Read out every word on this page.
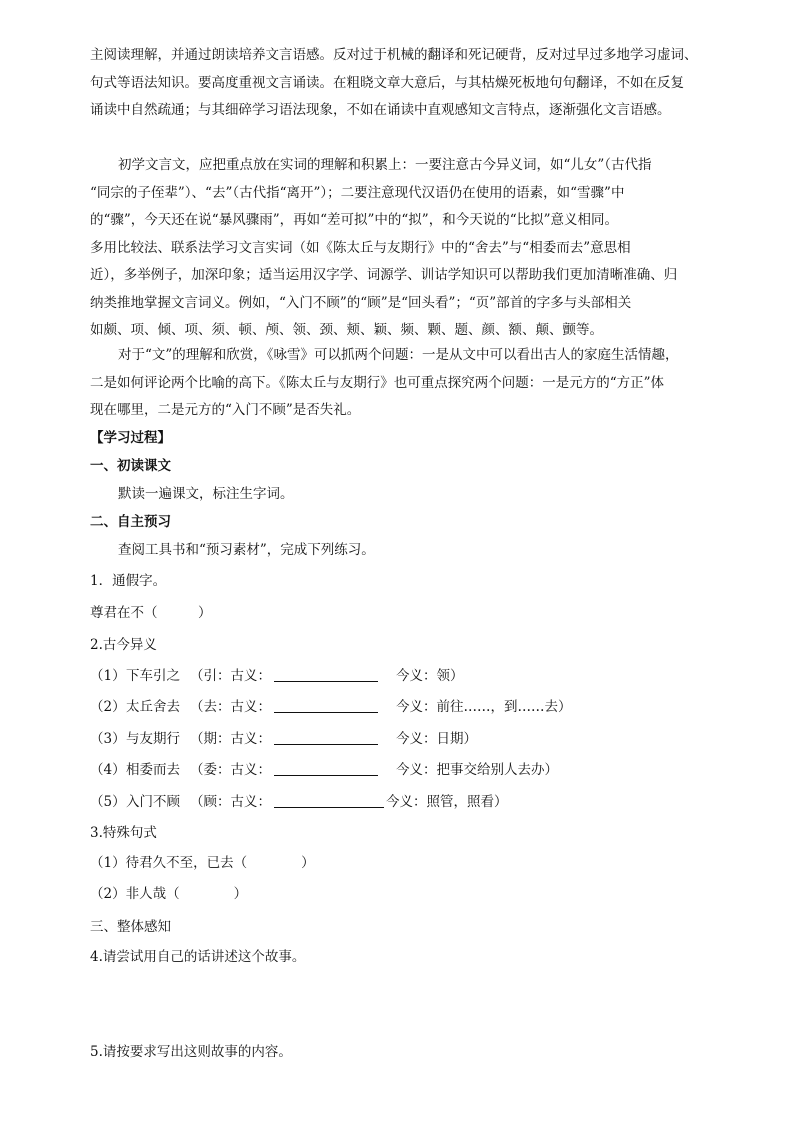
主阅读理解，并通过朗读培养文言语感。反对过于机械的翻译和死记硬背，反对过早过多地学习虚词、
句式等语法知识。要高度重视文言诵读。在粗晓文章大意后，与其枯燥死板地句句翻译，不如在反复
诵读中自然疏通；与其细碎学习语法现象，不如在诵读中直观感知文言特点，逐渐强化文言语感。
初学文言文，应把重点放在实词的理解和积累上：一要注意古今异义词，如“儿女”（古代指
“同宗的子侄辈”）、“去”（古代指“离开”）；二要注意现代汉语仍在使用的语素，如“雪骤”中
的“骤”，今天还在说“暴风骤雨”，再如“差可拟”中的“拟”，和今天说的“比拟”意义相同。
多用比较法、联系法学习文言实词（如《陈太丘与友期行》中的“舍去”与“相委而去”意思相
近），多举例子，加深印象；适当运用汉字学、词源学、训诂学知识可以帮助我们更加清晰准确、归
纳类推地掌握文言词义。例如，“入门不顾”的“顾”是“回头看”；“页”部首的字多与头部相关
如颇、项、倾、项、须、顿、颅、领、颈、颊、颖、频、颗、题、颜、额、颠、颤等。
对于“文”的理解和欣赏，《咏雪》可以抓两个问题：一是从文中可以看出古人的家庭生活情趣，
二是如何评论两个比喻的高下。《陈太丘与友期行》也可重点探究两个问题：一是元方的“方正”体
现在哪里，二是元方的“入门不顾”是否失礼。
【学习过程】
一、初读课文
默读一遍课文，标注生字词。
二、自主预习
查阅工具书和“预习素材”，完成下列练习。
1．通假字。
尊君在不（　　　）
2.古今异义
（1）下车引之 （引：古义：	今义：领）
（2）太丘舍去 （去：古义：	今义：前往……，到……去）
（3）与友期行 （期：古义：	今义：日期）
（4）相委而去 （委：古义：	今义：把事交给别人去办）
（5）入门不顾 （顾：古义：	今义：照管，照看）
3.特殊句式
（1）待君久不至，已去（　　　　）
（2）非人哉（　　　　）
三、整体感知
4.请尝试用自己的话讲述这个故事。
5.请按要求写出这则故事的内容。
